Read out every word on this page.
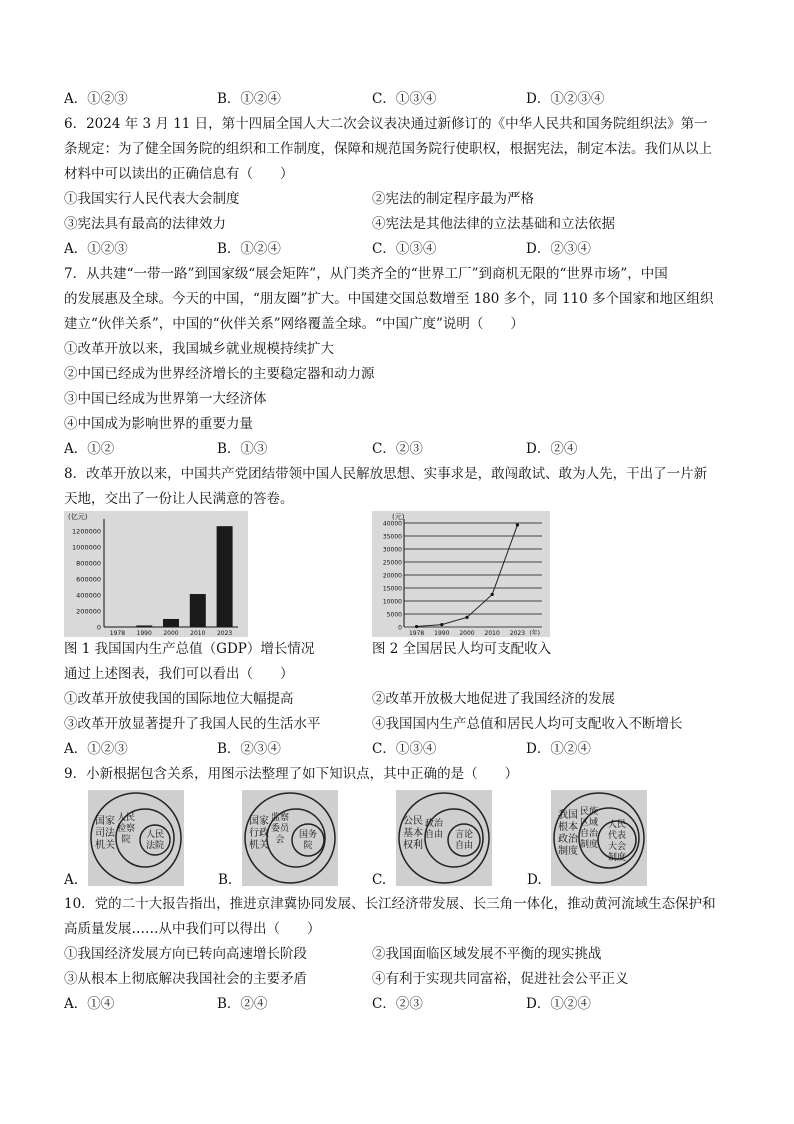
A．①②③	B．①②④	C．①③④	D．①②③④
6．2024 年 3 月 11 日，第十四届全国人大二次会议表决通过新修订的《中华人民共和国务院组织法》第一
条规定：为了健全国务院的组织和工作制度，保障和规范国务院行使职权，根据宪法，制定本法。我们从以上
材料中可以读出的正确信息有（　　）
①我国实行人民代表大会制度	②宪法的制定程序最为严格
③宪法具有最高的法律效力	④宪法是其他法律的立法基础和立法依据
A．①②③	B．①②④	C．①③④	D．②③④
7．从共建“一带一路”到国家级“展会矩阵”，从门类齐全的“世界工厂”到商机无限的“世界市场”，中国
的发展惠及全球。今天的中国，“朋友圈”扩大。中国建交国总数增至 180 多个，同 110 多个国家和地区组织
建立“伙伴关系”，中国的“伙伴关系”网络覆盖全球。“中国广度”说明（　　）
①改革开放以来，我国城乡就业规模持续扩大
②中国已经成为世界经济增长的主要稳定器和动力源
③中国已经成为世界第一大经济体
④中国成为影响世界的重要力量
A．①②	B．①③	C．②③	D．②④
8．改革开放以来，中国共产党团结带领中国人民解放思想、实事求是，敢闯敢试、敢为人先，干出了一片新
天地，交出了一份让人民满意的答卷。
(亿元)
0
200000
400000
600000
800000
1000000
1200000
1978 1990 2000 2010 2023
(元)
0
5000
10000
15000
20000
25000
30000
35000
40000
1978 1990 2000 2010 2023 (年)
图 1 我国国内生产总值（GDP）增长情况	图 2 全国居民人均可支配收入
通过上述图表，我们可以看出（　　）
①改革开放使我国的国际地位大幅提高	②改革开放极大地促进了我国经济的发展
③改革开放显著提升了我国人民的生活水平	④我国国内生产总值和居民人均可支配收入不断增长
A．①②③	B．②③④	C．①③④	D．①②④
9．小新根据包含关系，用图示法整理了如下知识点，其中正确的是（　　）
国家司法机关
人民检察院	人民法院
国家行政机关
监察委员会	国务院
公民基本权利
政治自由 言论自由
我国根本政治制度
民族区域自治制度
人民代表大会制度
A.	B.	C.	D.
10．党的二十大报告指出，推进京津冀协同发展、长江经济带发展、长三角一体化，推动黄河流域生态保护和
高质量发展……从中我们可以得出（　　）
①我国经济发展方向已转向高速增长阶段	②我国面临区域发展不平衡的现实挑战
③从根本上彻底解决我国社会的主要矛盾	④有利于实现共同富裕，促进社会公平正义
A．①④	B．②④	C．②③	D．①②④
